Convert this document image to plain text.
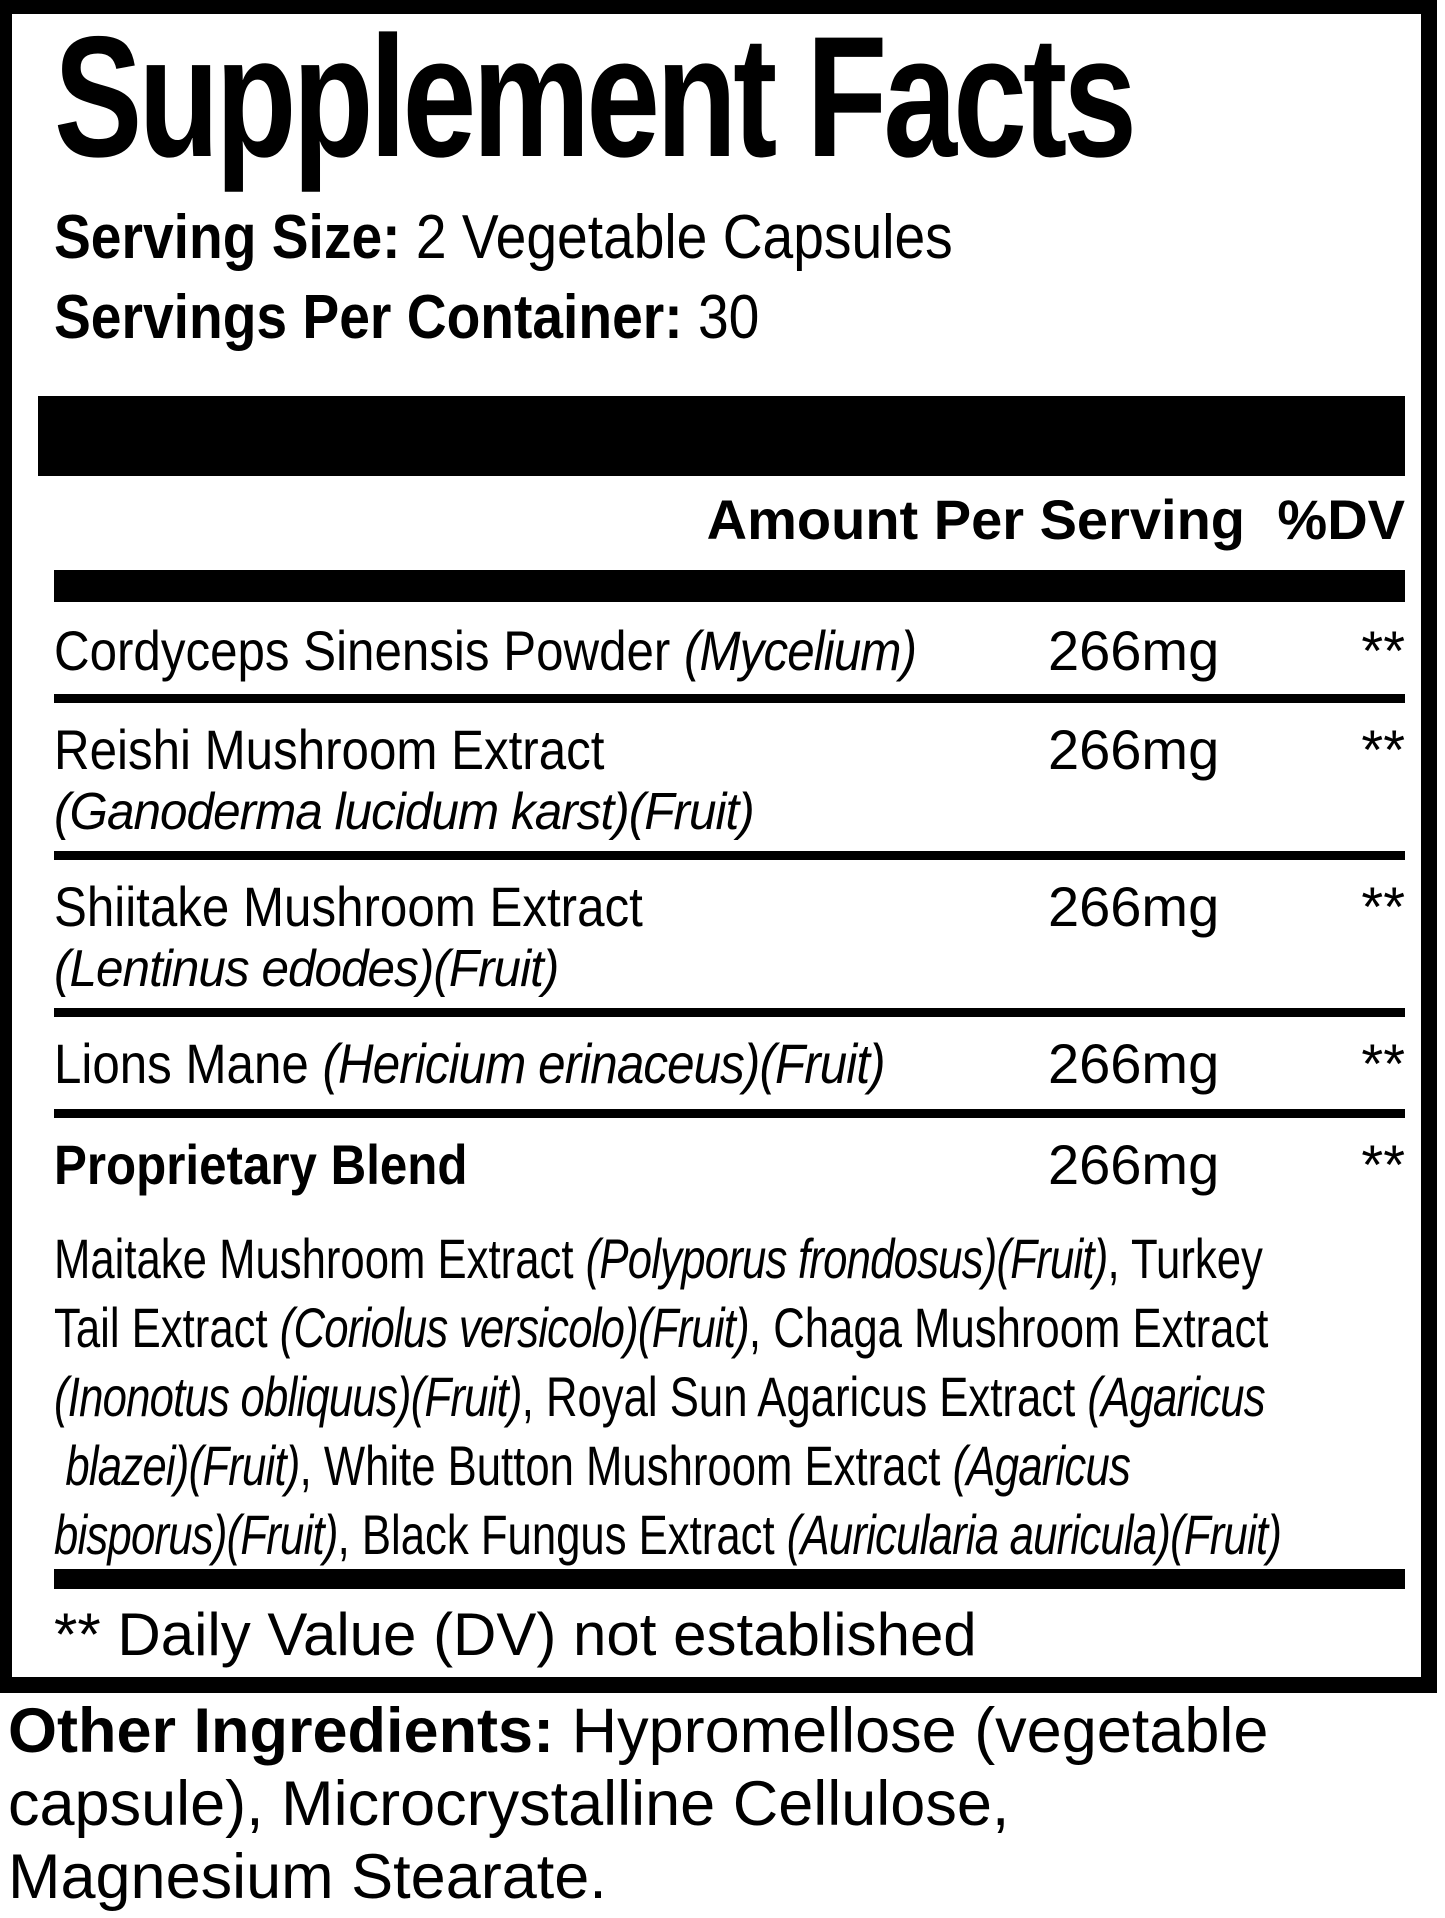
Supplement Facts
Serving Size: 2 Vegetable Capsules
Servings Per Container: 30
Amount Per Serving %DV
Cordyceps Sinensis Powder (Mycelium) 266mg	**
Reishi Mushroom Extract
(Ganoderma lucidum karst)(Fruit)
266mg	**
Shiitake Mushroom Extract
(Lentinus edodes)(Fruit)
266mg	**
Lions Mane (Hericium erinaceus)(Fruit)	266mg	**
Proprietary Blend	266mg	**
Maitake Mushroom Extract (Polyporus frondosus)(Fruit), Turkey
Tail Extract (Coriolus versicolo)(Fruit), Chaga Mushroom Extract
(Inonotus obliquus)(Fruit), Royal Sun Agaricus Extract (Agaricus
blazei)(Fruit), White Button Mushroom Extract (Agaricus
bisporus)(Fruit), Black Fungus Extract (Auricularia auricula)(Fruit)
** Daily Value (DV) not established
Other Ingredients: Hypromellose (vegetable
capsule), Microcrystalline Cellulose,
Magnesium Stearate.
